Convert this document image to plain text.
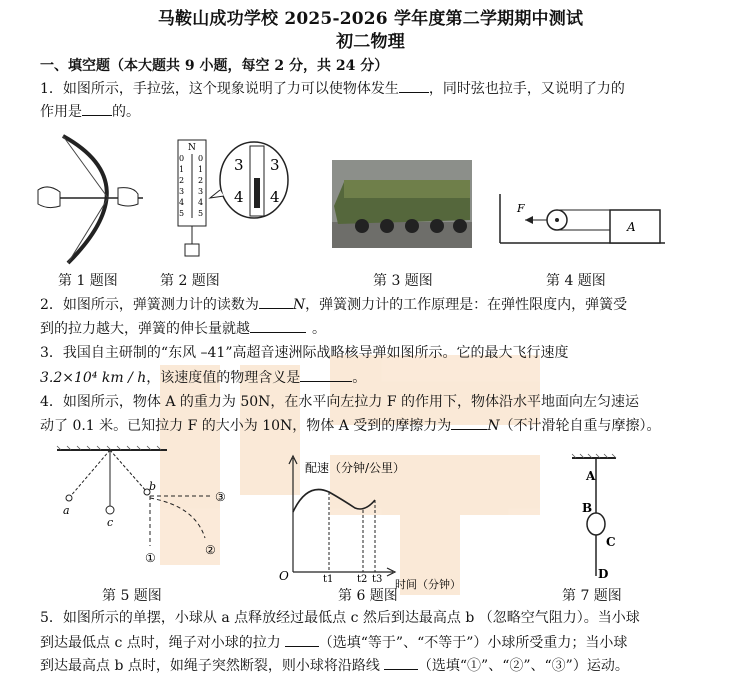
马鞍山成功学校 2025-2026 学年度第二学期期中测试
初二物理
一、填空题（本大题共 9 小题，每空 2 分，共 24 分）
1．如图所示，手拉弦，这个现象说明了力可以使物体发生 ，同时弦也拉手，又说明了力的
作用是 的。
N
0
1
2
3
4
5
0
1
2
3
4
5
3
4
3
4
F
A
第 1 题图	第 2 题图	第 3 题图	第 4 题图
2．如图所示，弹簧测力计的读数为 N，弹簧测力计的工作原理是：在弹性限度内，弹簧受
到的拉力越大，弹簧的伸长量就越	。
3．我国自主研制的“东风 –41”高超音速洲际战略核导弹如图所示。它的最大飞行速度
3.2×10⁴ km / h，该速度值的物理含义是	。
4．如图所示，物体 A 的重力为 50N，在水平向左拉力 F 的作用下，物体沿水平地面向左匀速运
动了 0.1 米。已知拉力 F 的大小为 10N，物体 A 受到的摩擦力为	N（不计滑轮自重与摩擦）。
a
c
b
③
①
②
配速（分钟/公里）
O	t1 t2 t3 时间（分钟）
A
B
C
D
第 5 题图	第 6 题图	第 7 题图
5．如图所示的单摆，小球从 a 点释放经过最低点 c 然后到达最高点 b （忽略空气阻力）。当小球
到达最低点 c 点时，绳子对小球的拉力	（选填“等于”、“不等于”）小球所受重力；当小球
到达最高点 b 点时，如绳子突然断裂，则小球将沿路线	（选填“①”、“②”、“③”）运动。
